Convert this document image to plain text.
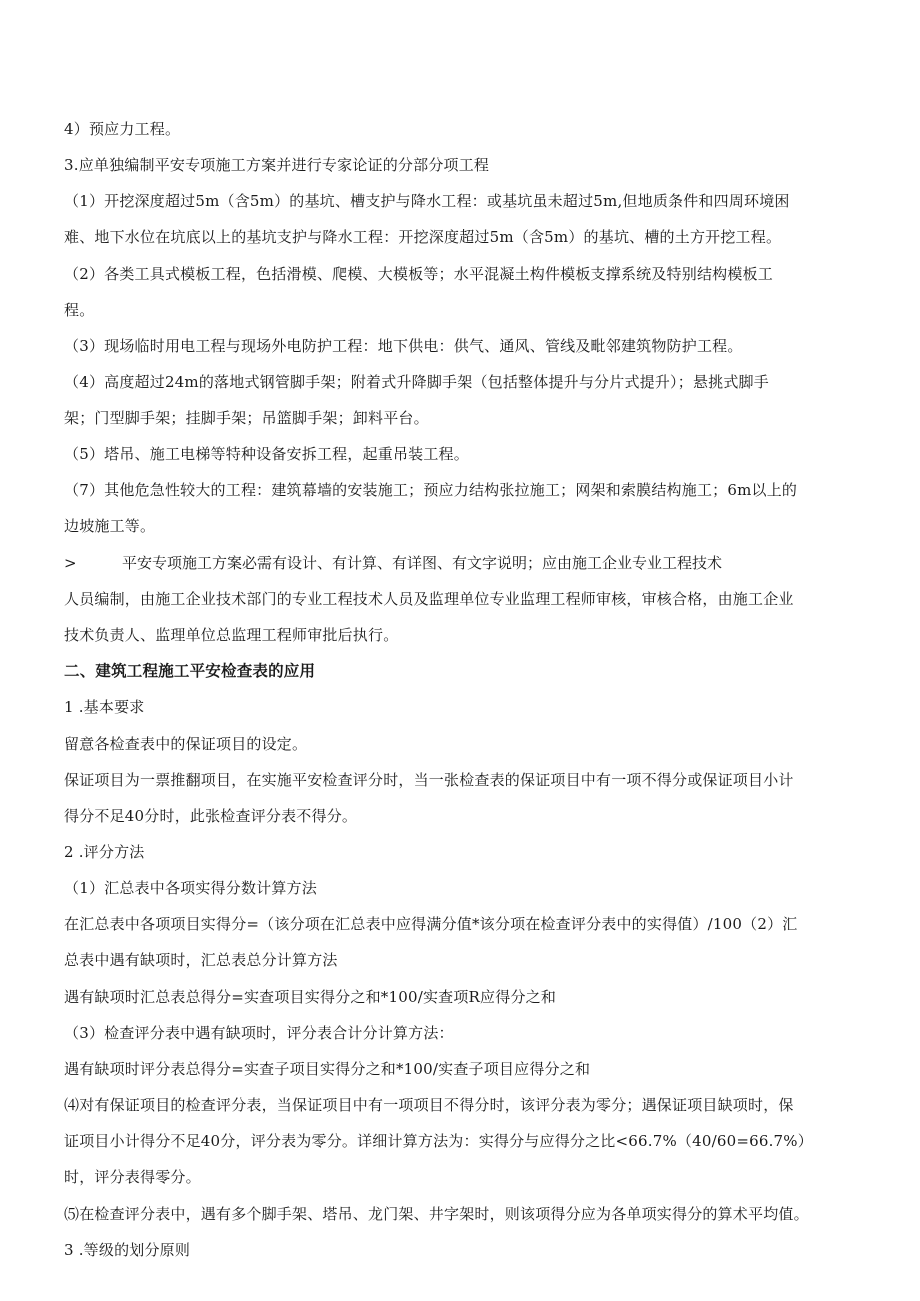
4）预应力工程。
3.应单独编制平安专项施工方案并进行专家论证的分部分项工程
（1）开挖深度超过5m（含5m）的基坑、槽支护与降水工程：或基坑虽未超过5m,但地质条件和四周环境困
难、地下水位在坑底以上的基坑支护与降水工程：开挖深度超过5m（含5m）的基坑、槽的土方开挖工程。
（2）各类工具式模板工程，色括滑模、爬模、大模板等；水平混凝土构件模板支撑系统及特别结构模板工
程。
（3）现场临时用电工程与现场外电防护工程：地下供电：供气、通风、管线及毗邻建筑物防护工程。
（4）高度超过24m的落地式钢管脚手架；附着式升降脚手架（包括整体提升与分片式提升）；悬挑式脚手
架；门型脚手架；挂脚手架；吊篮脚手架；卸料平台。
（5）塔吊、施工电梯等特种设备安拆工程，起重吊装工程。
（7）其他危急性较大的工程：建筑幕墙的安装施工；预应力结构张拉施工；网架和索膜结构施工；6m以上的
边坡施工等。
>	平安专项施工方案必需有设计、有计算、有详图、有文字说明；应由施工企业专业工程技术
人员编制，由施工企业技术部门的专业工程技术人员及监理单位专业监理工程师审核，审核合格，由施工企业
技术负责人、监理单位总监理工程师审批后执行。
二、建筑工程施工平安检查表的应用
1 .基本要求
留意各检查表中的保证项目的设定。
保证项目为一票推翻项目，在实施平安检查评分时，当一张检查表的保证项目中有一项不得分或保证项目小计
得分不足40分时，此张检查评分表不得分。
2 .评分方法
（1）汇总表中各项实得分数计算方法
在汇总表中各项项目实得分=（该分项在汇总表中应得满分值*该分项在检查评分表中的实得值）/100（2）汇
总表中遇有缺项时，汇总表总分计算方法
遇有缺项时汇总表总得分=实查项目实得分之和*100/实查项R应得分之和
（3）检查评分表中遇有缺项时，评分表合计分计算方法：
遇有缺项时评分表总得分=实查子项目实得分之和*100/实查子项目应得分之和
⑷对有保证项目的检查评分表，当保证项目中有一项项目不得分时，该评分表为零分；遇保证项目缺项时，保
证项目小计得分不足40分，评分表为零分。详细计算方法为：实得分与应得分之比<66.7%（40/60=66.7%）
时，评分表得零分。
⑸在检查评分表中，遇有多个脚手架、塔吊、龙门架、井字架时，则该项得分应为各单项实得分的算术平均值。
3 .等级的划分原则
